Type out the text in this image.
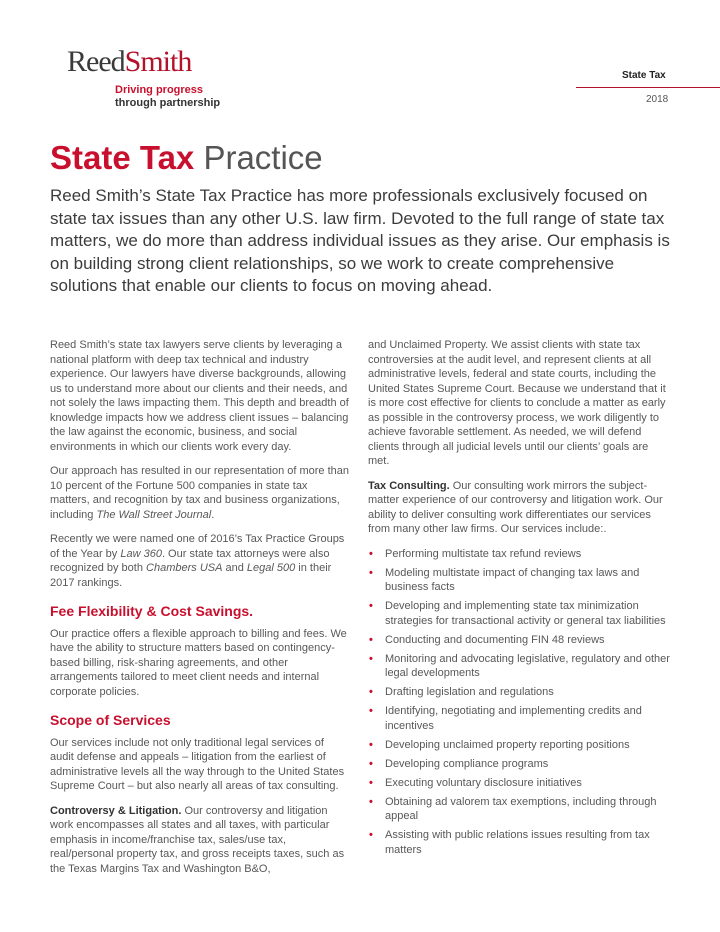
ReedSmith
Driving progress
through partnership
State Tax
2018
State Tax Practice

Reed Smith’s State Tax Practice has more professionals exclusively focused on state tax issues than any other U.S. law firm. Devoted to the full range of state tax matters, we do more than address individual issues as they arise. Our emphasis is on building strong client relationships, so we work to create comprehensive solutions that enable our clients to focus on moving ahead.

Reed Smith’s state tax lawyers serve clients by leveraging a national platform with deep tax technical and industry experience. Our lawyers have diverse backgrounds, allowing us to understand more about our clients and their needs, and not solely the laws impacting them. This depth and breadth of knowledge impacts how we address client issues – balancing the law against the economic, business, and social environments in which our clients work every day.

Our approach has resulted in our representation of more than 10 percent of the Fortune 500 companies in state tax matters, and recognition by tax and business organizations, including The Wall Street Journal.

Recently we were named one of 2016’s Tax Practice Groups of the Year by Law 360. Our state tax attorneys were also recognized by both Chambers USA and Legal 500 in their 2017 rankings.

Fee Flexibility & Cost Savings.

Our practice offers a flexible approach to billing and fees. We have the ability to structure matters based on contingency-based billing, risk-sharing agreements, and other arrangements tailored to meet client needs and internal corporate policies.

Scope of Services

Our services include not only traditional legal services of audit defense and appeals – litigation from the earliest of administrative levels all the way through to the United States Supreme Court – but also nearly all areas of tax consulting.

Controversy & Litigation. Our controversy and litigation work encompasses all states and all taxes, with particular emphasis in income/franchise tax, sales/use tax, real/personal property tax, and gross receipts taxes, such as the Texas Margins Tax and Washington B&O,

and Unclaimed Property. We assist clients with state tax controversies at the audit level, and represent clients at all administrative levels, federal and state courts, including the United States Supreme Court. Because we understand that it is more cost effective for clients to conclude a matter as early as possible in the controversy process, we work diligently to achieve favorable settlement. As needed, we will defend clients through all judicial levels until our clients’ goals are met.

Tax Consulting. Our consulting work mirrors the subject-matter experience of our controversy and litigation work. Our ability to deliver consulting work differentiates our services from many other law firms. Our services include:.

• Performing multistate tax refund reviews
• Modeling multistate impact of changing tax laws and business facts
• Developing and implementing state tax minimization strategies for transactional activity or general tax liabilities
• Conducting and documenting FIN 48 reviews
• Monitoring and advocating legislative, regulatory and other legal developments
• Drafting legislation and regulations
• Identifying, negotiating and implementing credits and incentives
• Developing unclaimed property reporting positions
• Developing compliance programs
• Executing voluntary disclosure initiatives
• Obtaining ad valorem tax exemptions, including through appeal
• Assisting with public relations issues resulting from tax matters
